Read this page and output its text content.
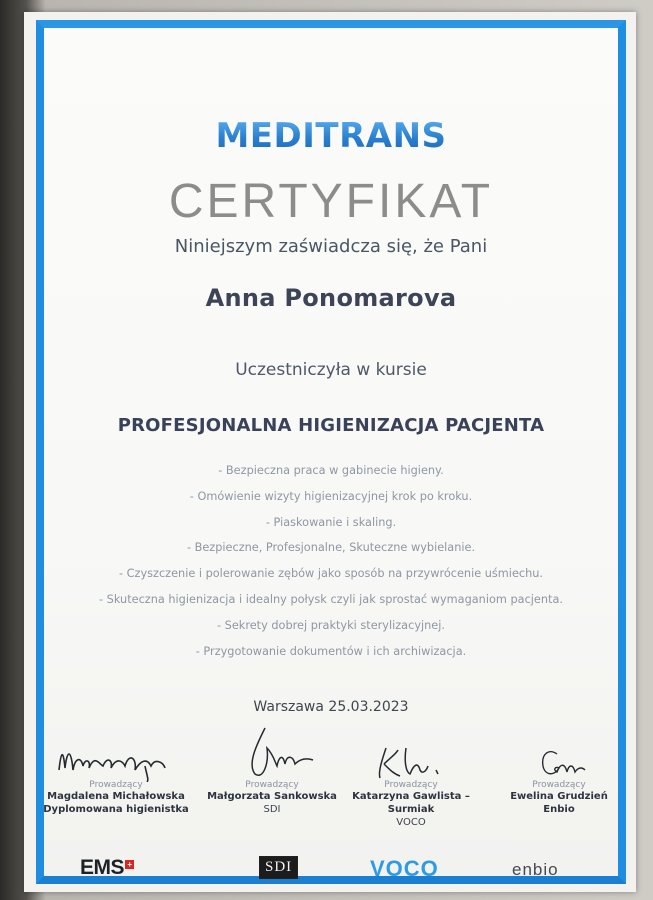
MEDITRANS
CERTYFIKAT
Niniejszym zaświadcza się, że Pani
Anna Ponomarova
Uczestniczyła w kursie
PROFESJONALNA HIGIENIZACJA PACJENTA
- Bezpieczna praca w gabinecie higieny.
- Omówienie wizyty higienizacyjnej krok po kroku.
- Piaskowanie i skaling.
- Bezpieczne, Profesjonalne, Skuteczne wybielanie.
- Czyszczenie i polerowanie zębów jako sposób na przywrócenie uśmiechu.
- Skuteczna higienizacja i idealny połysk czyli jak sprostać wymaganiom pacjenta.
- Sekrety dobrej praktyki sterylizacyjnej.
- Przygotowanie dokumentów i ich archiwizacja.
Warszawa 25.03.2023
Prowadzący
Magdalena Michałowska
Dyplomowana higienistka
Prowadzący
Małgorzata Sankowska
SDI
Prowadzący
Katarzyna Gawlista – Surmiak
VOCO
Prowadzący
Ewelina Grudzień
Enbio
EMS +	SDI	VOCO	enbio
